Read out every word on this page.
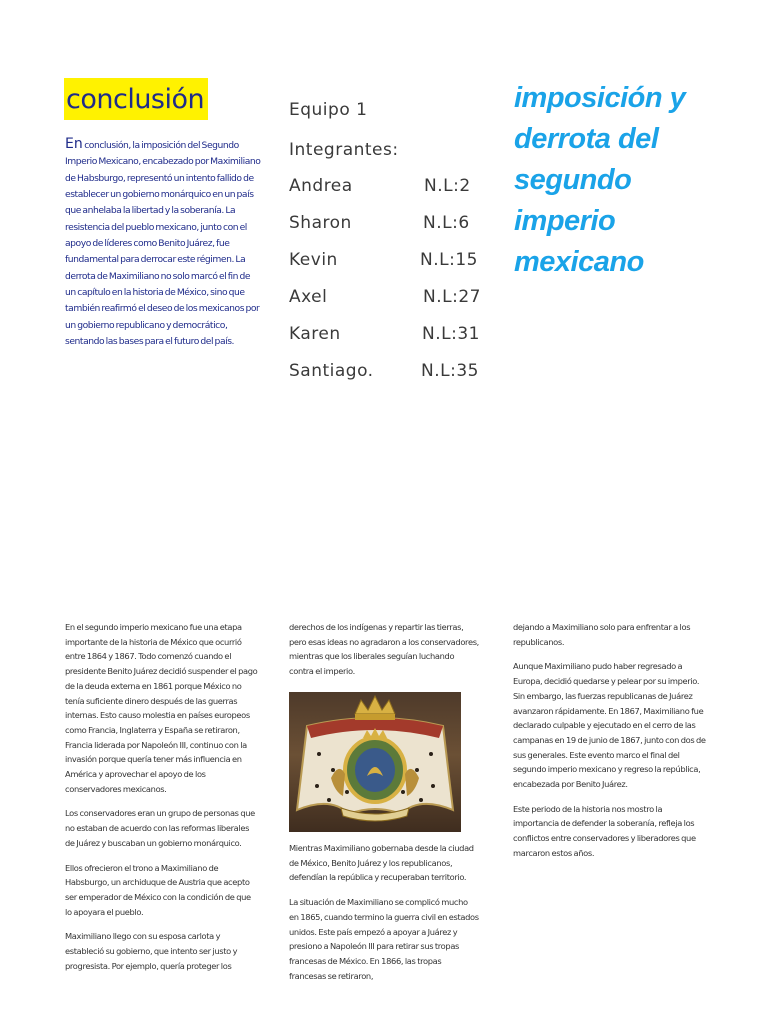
conclusión
En conclusión, la imposición del Segundo Imperio Mexicano, encabezado por Maximiliano de Habsburgo, representó un intento fallido de establecer un gobierno monárquico en un país que anhelaba la libertad y la soberanía. La resistencia del pueblo mexicano, junto con el apoyo de líderes como Benito Juárez, fue fundamental para derrocar este régimen. La derrota de Maximiliano no solo marcó el fin de un capítulo en la historia de México, sino que también reafirmó el deseo de los mexicanos por un gobierno republicano y democrático, sentando las bases para el futuro del país.
Equipo 1
Integrantes:
Andrea	N.L:2
Sharon	N.L:6
Kevin	N.L:15
Axel	N.L:27
Karen	N.L:31
Santiago.	N.L:35
imposición y
derrota del
segundo
imperio
mexicano

En el segundo imperio mexicano fue una etapa importante de la historia de México que ocurrió entre 1864 y 1867. Todo comenzó cuando el presidente Benito Juárez decidió suspender el pago de la deuda externa en 1861 porque México no tenía suficiente dinero después de las guerras internas. Esto causo molestia en países europeos como Francia, Inglaterra y España se retiraron, Francia liderada por Napoleón III, continuo con la invasión porque quería tener más influencia en América y aprovechar el apoyo de los conservadores mexicanos.

Los conservadores eran un grupo de personas que no estaban de acuerdo con las reformas liberales de Juárez y buscaban un gobierno monárquico.

Ellos ofrecieron el trono a Maximiliano de Habsburgo, un archiduque de Austria que acepto ser emperador de México con la condición de que lo apoyara el pueblo.

Maximiliano llego con su esposa carlota y estableció su gobierno, que intento ser justo y progresista. Por ejemplo, quería proteger los

derechos de los indígenas y repartir las tierras, pero esas ideas no agradaron a los conservadores, mientras que los liberales seguían luchando contra el imperio.

Mientras Maximiliano gobernaba desde la ciudad de México, Benito Juárez y los republicanos, defendían la república y recuperaban territorio.

La situación de Maximiliano se complicó mucho en 1865, cuando termino la guerra civil en estados unidos. Este país empezó a apoyar a Juárez y presiono a Napoleón III para retirar sus tropas francesas de México. En 1866, las tropas francesas se retiraron,

dejando a Maximiliano solo para enfrentar a los republicanos.

Aunque Maximiliano pudo haber regresado a Europa, decidió quedarse y pelear por su imperio. Sin embargo, las fuerzas republicanas de Juárez avanzaron rápidamente. En 1867, Maximiliano fue declarado culpable y ejecutado en el cerro de las campanas en 19 de junio de 1867, junto con dos de sus generales. Este evento marco el final del segundo imperio mexicano y regreso la república, encabezada por Benito Juárez.

Este periodo de la historia nos mostro la importancia de defender la soberanía, refleja los conflictos entre conservadores y liberadores que marcaron estos años.
